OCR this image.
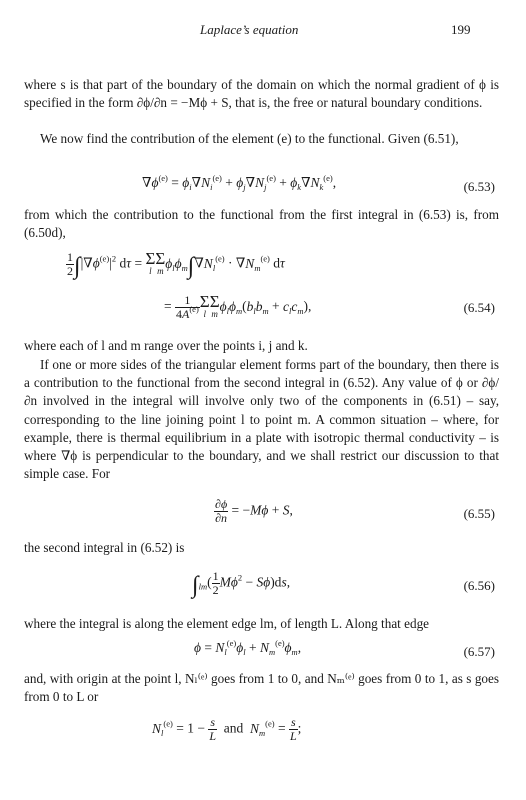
Laplace’s equation	199
where s is that part of the boundary of the domain on which the normal gradient of ϕ is specified in the form ∂ϕ/∂n = −Mϕ + S, that is, the free or natural boundary conditions.
We now find the contribution of the element (e) to the functional. Given (6.51),
$\nabla\phi^{(e)} = \phi_i\nabla N_i^{(e)} + \phi_j\nabla N_j^{(e)} + \phi_k\nabla N_k^{(e)}$,	(6.53)
from which the contribution to the functional from the first integral in (6.53) is, from (6.50d),
$\frac{1}{2} \int|\nabla\phi^{(e)}|^2$ dτ = Σ
l
Σ
m
$\phi_l\phi_m\int\nabla N_l^{(e)} \cdot \nabla N_m^{(e)}$ dτ
= $\frac{1}{4A^{(e)}}$ Σ
l
Σ
m
$\phi_l\phi_m(b_lb_m + c_lc_m)$,	(6.54)
where each of l and m range over the points i, j and k.
If one or more sides of the triangular element forms part of the boundary, then there is a contribution to the functional from the second integral in (6.52). Any value of ϕ or ∂ϕ/∂n involved in the integral will involve only two of the components in (6.51) – say, corresponding to the line joining point l to point m. A common situation – where, for example, there is thermal equilibrium in a plate with isotropic thermal conductivity – is where ∇ϕ is perpendicular to the boundary, and we shall restrict our discussion to that simple case. For
$\frac{\partial\phi}{\partial n} = -M\phi + S$,	(6.55)
the second integral in (6.52) is
$\int_{lm}( \frac{1}{2} M\phi^2 - S\phi)ds$,	(6.56)
where the integral is along the element edge lm, of length L. Along that edge
$\phi = N_l^{(e)}\phi_l + N_m^{(e)}\phi_m$,	(6.57)
and, with origin at the point l, Nₗ⁽ᵉ⁾ goes from 1 to 0, and Nₘ⁽ᵉ⁾ goes from 0 to 1, as s goes from 0 to L or
$N_l^{(e)} = 1 - \frac{s}{L}$ and $N_m^{(e)} = \frac{s}{L}$ ;
